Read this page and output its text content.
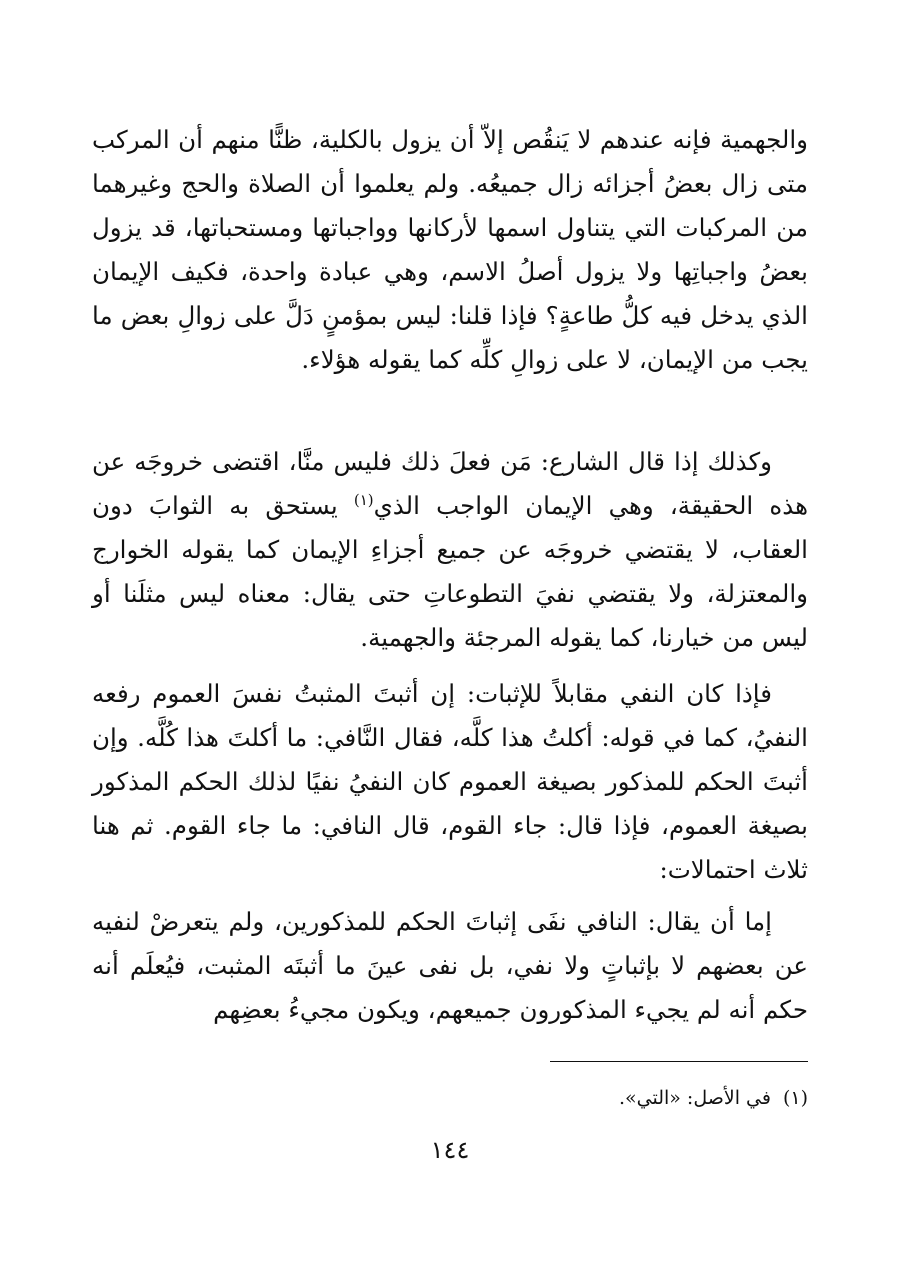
والجهمية فإنه عندهم لا يَنقُص إلاّ أن يزول بالكلية، ظنًّا منهم أن المركب متى زال بعضُ أجزائه زال جميعُه. ولم يعلموا أن الصلاة والحج وغيرهما من المركبات التي يتناول اسمها لأركانها وواجباتها ومستحباتها، قد يزول بعضُ واجباتِها ولا يزول أصلُ الاسم، وهي عبادة واحدة، فكيف الإيمان الذي يدخل فيه كلُّ طاعةٍ؟ فإذا قلنا: ليس بمؤمنٍ دَلَّ على زوالِ بعض ما يجب من الإيمان، لا على زوالِ كلِّه كما يقوله هؤلاء.

وكذلك إذا قال الشارع: مَن فعلَ ذلك فليس منَّا، اقتضى خروجَه عن هذه الحقيقة، وهي الإيمان الواجب الذي$^{(١)}$ يستحق به الثوابَ دون العقاب، لا يقتضي خروجَه عن جميع أجزاءِ الإيمان كما يقوله الخوارج والمعتزلة، ولا يقتضي نفيَ التطوعاتِ حتى يقال: معناه ليس مثلَنا أو ليس من خيارنا، كما يقوله المرجئة والجهمية.

فإذا كان النفي مقابلاً للإثبات: إن أثبتَ المثبتُ نفسَ العموم رفعه النفيُ، كما في قوله: أكلتُ هذا كلَّه، فقال النَّافي: ما أكلتَ هذا كُلَّه. وإن أثبتَ الحكم للمذكور بصيغة العموم كان النفيُ نفيًا لذلك الحكم المذكور بصيغة العموم، فإذا قال: جاء القوم، قال النافي: ما جاء القوم. ثم هنا ثلاث احتمالات:

إما أن يقال: النافي نفَى إثباتَ الحكم للمذكورين، ولم يتعرضْ لنفيه عن بعضهم لا بإثباتٍ ولا نفي، بل نفى عينَ ما أثبتَه المثبت، فيُعلَم أنه حكم أنه لم يجيء المذكورون جميعهم، ويكون مجيءُ بعضِهم

(١)في الأصل: «التي».
١٤٤
